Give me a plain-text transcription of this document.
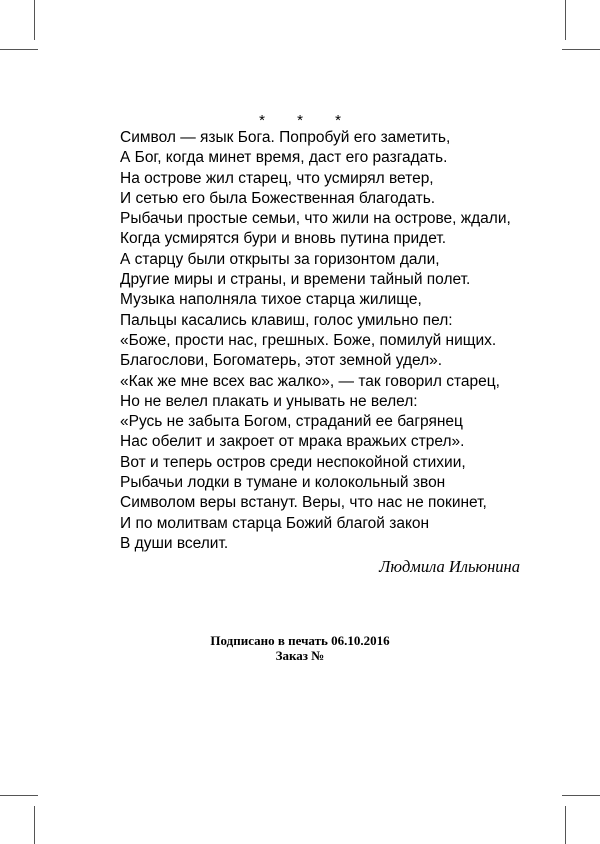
* * *
Символ — язык Бога. Попробуй его заметить,
А Бог, когда минет время, даст его разгадать.
На острове жил старец, что усмирял ветер,
И сетью его была Божественная благодать.
Рыбачьи простые семьи, что жили на острове, ждали,
Когда усмирятся бури и вновь путина придет.
А старцу были открыты за горизонтом дали,
Другие миры и страны, и времени тайный полет.
Музыка наполняла тихое старца жилище,
Пальцы касались клавиш, голос умильно пел:
«Боже, прости нас, грешных. Боже, помилуй нищих.
Благослови, Богоматерь, этот земной удел».
«Как же мне всех вас жалко», — так говорил старец,
Но не велел плакать и унывать не велел:
«Русь не забыта Богом, страданий ее багрянец
Нас обелит и закроет от мрака вражьих стрел».
Вот и теперь остров среди неспокойной стихии,
Рыбачьи лодки в тумане и колокольный звон
Символом веры встанут. Веры, что нас не покинет,
И по молитвам старца Божий благой закон
В души вселит.
Людмила Ильюнина
Подписано в печать 06.10.2016
Заказ №
